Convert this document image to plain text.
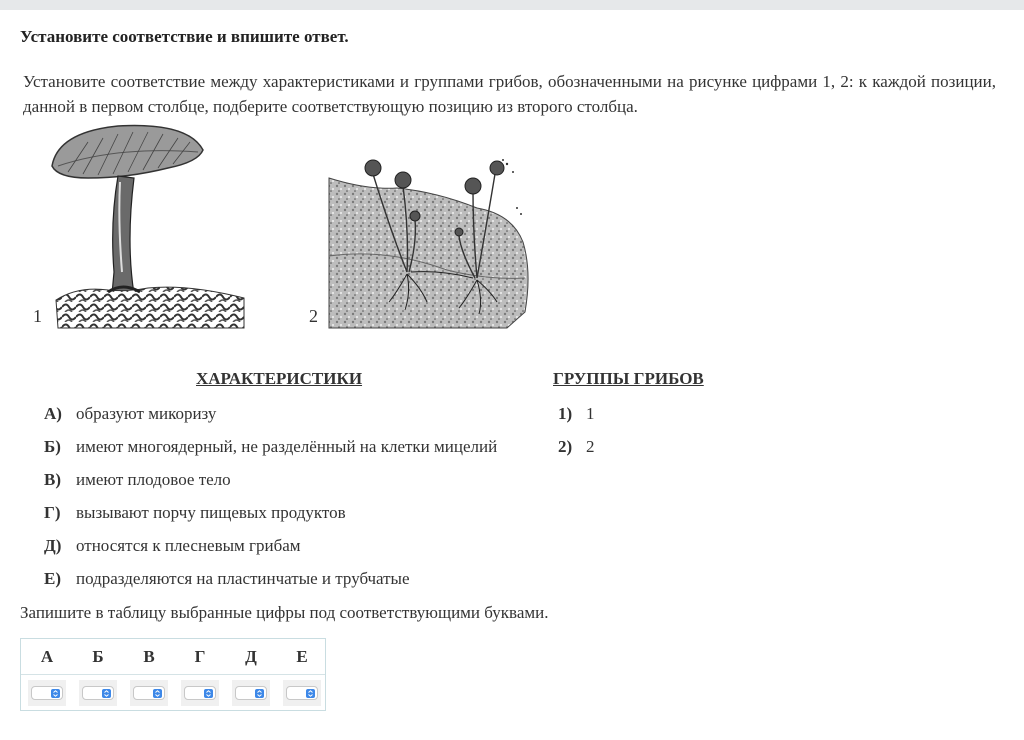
Установите соответствие и впишите ответ.
Установите соответствие между характеристиками и группами грибов, обозначенными на рисунке цифрами 1, 2: к каждой позиции, данной в первом столбце, подберите соответствующую позицию из второго столбца.
1	2
ХАРАКТЕРИСТИКИ	ГРУППЫ ГРИБОВ
А) образуют микоризу
Б) имеют многоядерный, не разделённый на клетки мицелий
В) имеют плодовое тело
Г) вызывают порчу пищевых продуктов
Д) относятся к плесневым грибам
Е) подразделяются на пластинчатые и трубчатые
1) 1
2) 2
Запишите в таблицу выбранные цифры под соответствующими буквами.
А	Б	В	Г	Д	Е
